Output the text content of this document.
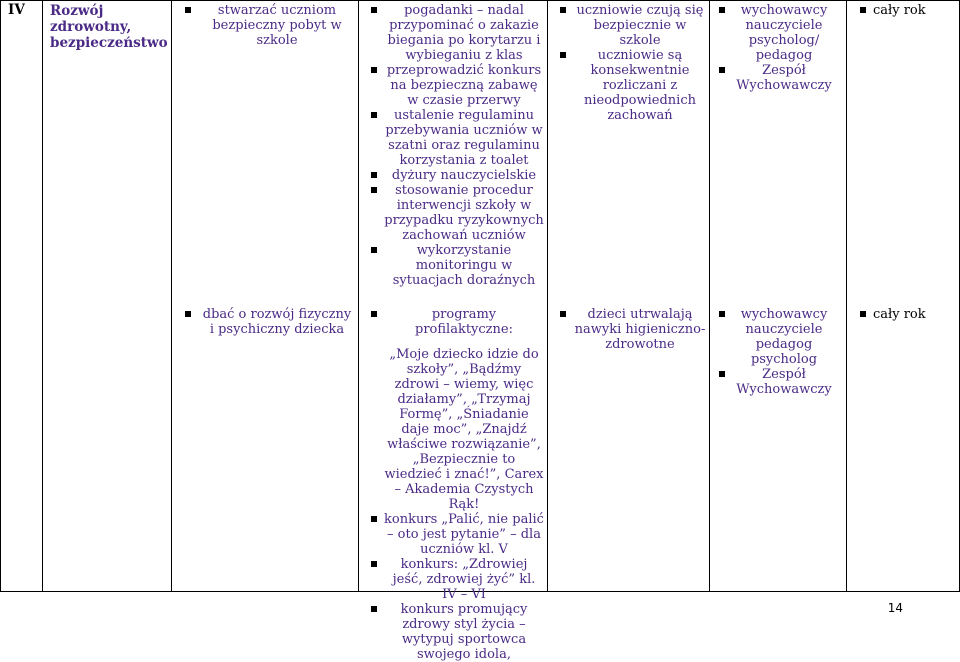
IV Rozwój zdrowotny, bezpieczeństwo
stwarzać uczniom bezpieczny pobyt w szkole
pogadanki – nadal przypominać o zakazie biegania po korytarzu i wybieganiu z klas
przeprowadzić konkurs na bezpieczną zabawę w czasie przerwy
ustalenie regulaminu przebywania uczniów w szatni oraz regulaminu korzystania z toalet
dyżury nauczycielskie
stosowanie procedur interwencji szkoły w przypadku ryzykownych zachowań uczniów
wykorzystanie monitoringu w sytuacjach doraźnych
uczniowie czują się bezpiecznie w szkole
uczniowie są konsekwentnie rozliczani z nieodpowiednich zachowań
wychowawcy nauczyciele psycholog/ pedagog
Zespół Wychowawczy
cały rok
dbać o rozwój fizyczny i psychiczny dziecka
programy profilaktyczne:
„Moje dziecko idzie do szkoły”, „Bądźmy zdrowi – wiemy, więc działamy”, „Trzymaj Formę”, „Śniadanie daje moc”, „Znajdź właściwe rozwiązanie”, „Bezpiecznie to wiedzieć i znać!”, Carex – Akademia Czystych Rąk!
konkurs „Palić, nie palić – oto jest pytanie” – dla uczniów kl. V
konkurs: „Zdrowiej jeść, zdrowiej żyć” kl. IV – VI
konkurs promujący zdrowy styl życia – wytypuj sportowca swojego idola,
dzieci utrwalają nawyki higieniczno-zdrowotne
wychowawcy nauczyciele pedagog psycholog
Zespół Wychowawczy
cały rok
14
